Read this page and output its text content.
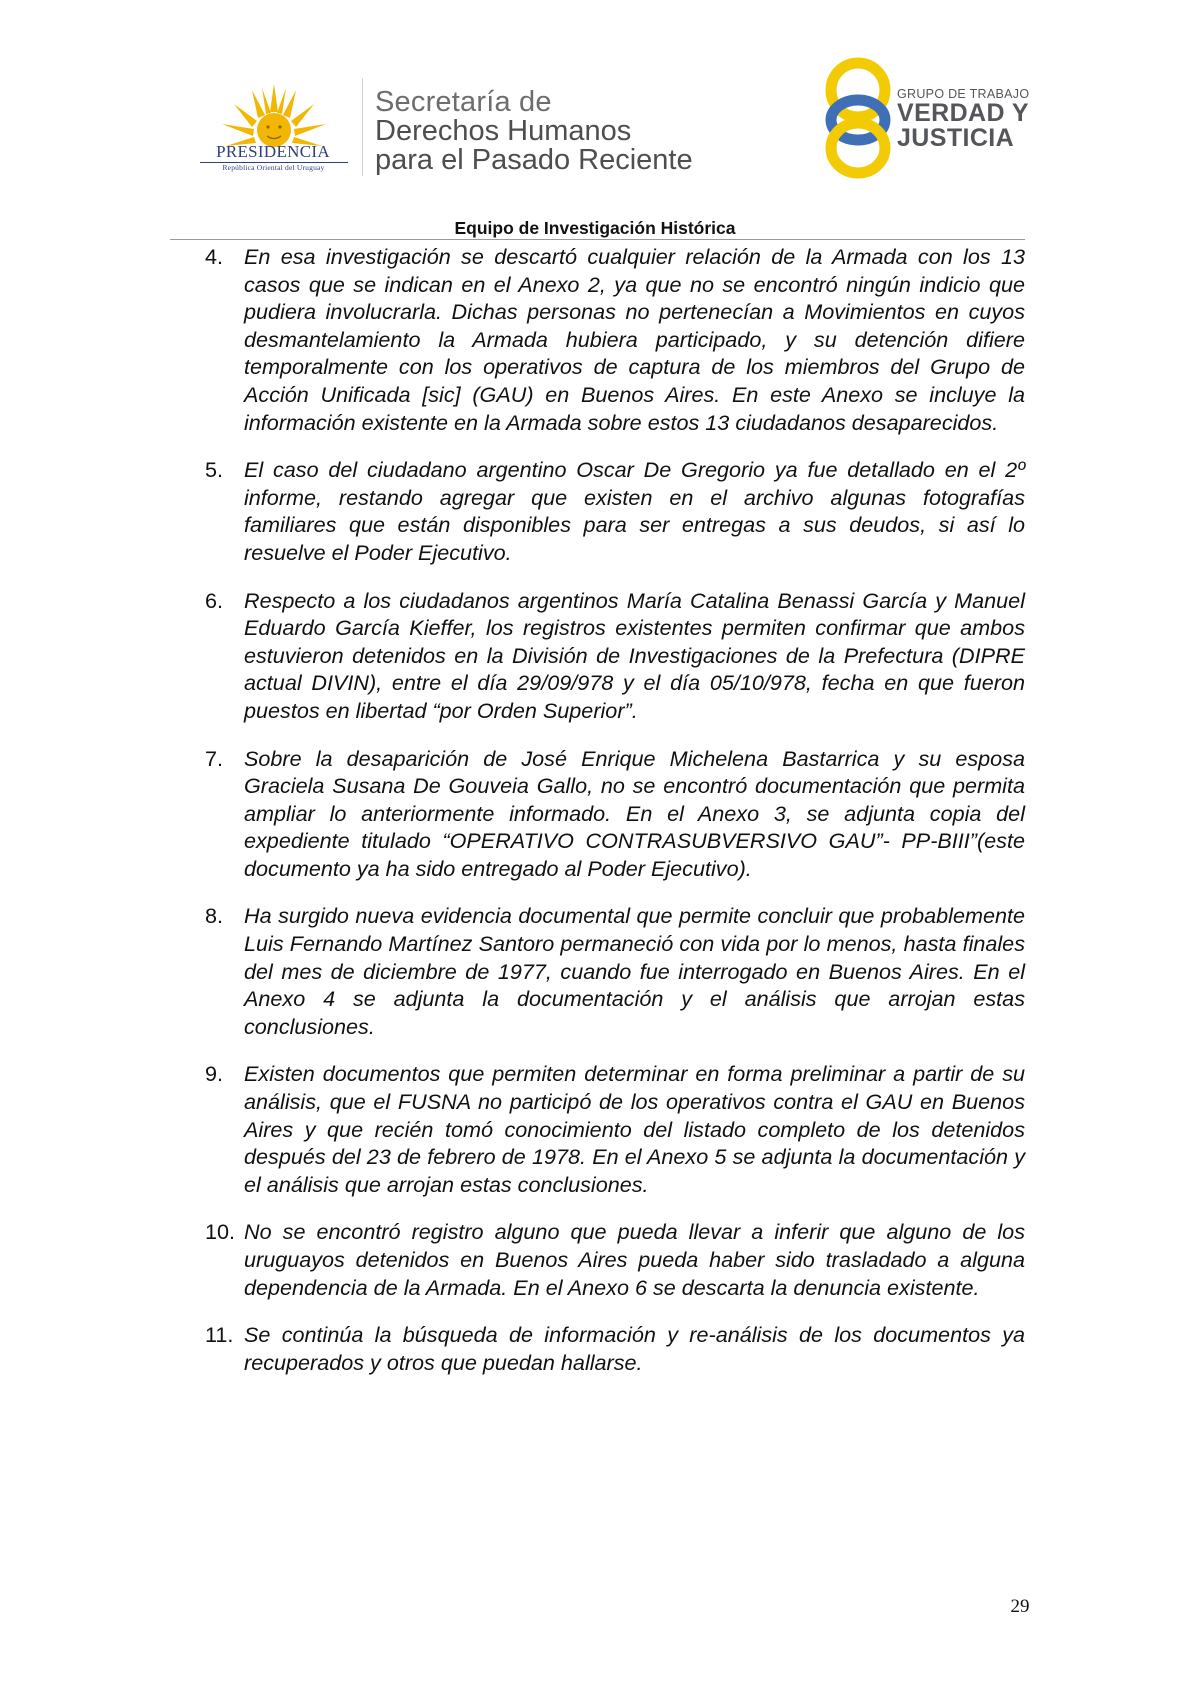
PRESIDENCIA
República Oriental del Uruguay
Secretaría de
Derechos Humanos
para el Pasado Reciente
GRUPO DE TRABAJO
VERDAD Y
JUSTICIA
Equipo de Investigación Histórica
4. En esa investigación se descartó cualquier relación de la Armada con los 13 casos que se indican en el Anexo 2, ya que no se encontró ningún indicio que pudiera involucrarla. Dichas personas no pertenecían a Movimientos en cuyos desmantelamiento la Armada hubiera participado, y su detención difiere temporalmente con los operativos de captura de los miembros del Grupo de Acción Unificada [sic] (GAU) en Buenos Aires. En este Anexo se incluye la información existente en la Armada sobre estos 13 ciudadanos desaparecidos.
5. El caso del ciudadano argentino Oscar De Gregorio ya fue detallado en el 2º informe, restando agregar que existen en el archivo algunas fotografías familiares que están disponibles para ser entregas a sus deudos, si así lo resuelve el Poder Ejecutivo.
6. Respecto a los ciudadanos argentinos María Catalina Benassi García y Manuel Eduardo García Kieffer, los registros existentes permiten confirmar que ambos estuvieron detenidos en la División de Investigaciones de la Prefectura (DIPRE actual DIVIN), entre el día 29/09/978 y el día 05/10/978, fecha en que fueron puestos en libertad “por Orden Superior”.
7. Sobre la desaparición de José Enrique Michelena Bastarrica y su esposa Graciela Susana De Gouveia Gallo, no se encontró documentación que permita ampliar lo anteriormente informado. En el Anexo 3, se adjunta copia del expediente titulado “OPERATIVO CONTRASUBVERSIVO GAU”- PP-BIII”(este documento ya ha sido entregado al Poder Ejecutivo).
8. Ha surgido nueva evidencia documental que permite concluir que probablemente Luis Fernando Martínez Santoro permaneció con vida por lo menos, hasta finales del mes de diciembre de 1977, cuando fue interrogado en Buenos Aires. En el Anexo 4 se adjunta la documentación y el análisis que arrojan estas conclusiones.
9. Existen documentos que permiten determinar en forma preliminar a partir de su análisis, que el FUSNA no participó de los operativos contra el GAU en Buenos Aires y que recién tomó conocimiento del listado completo de los detenidos después del 23 de febrero de 1978. En el Anexo 5 se adjunta la documentación y el análisis que arrojan estas conclusiones.
10. No se encontró registro alguno que pueda llevar a inferir que alguno de los uruguayos detenidos en Buenos Aires pueda haber sido trasladado a alguna dependencia de la Armada. En el Anexo 6 se descarta la denuncia existente.
11. Se continúa la búsqueda de información y re-análisis de los documentos ya recuperados y otros que puedan hallarse.
29
